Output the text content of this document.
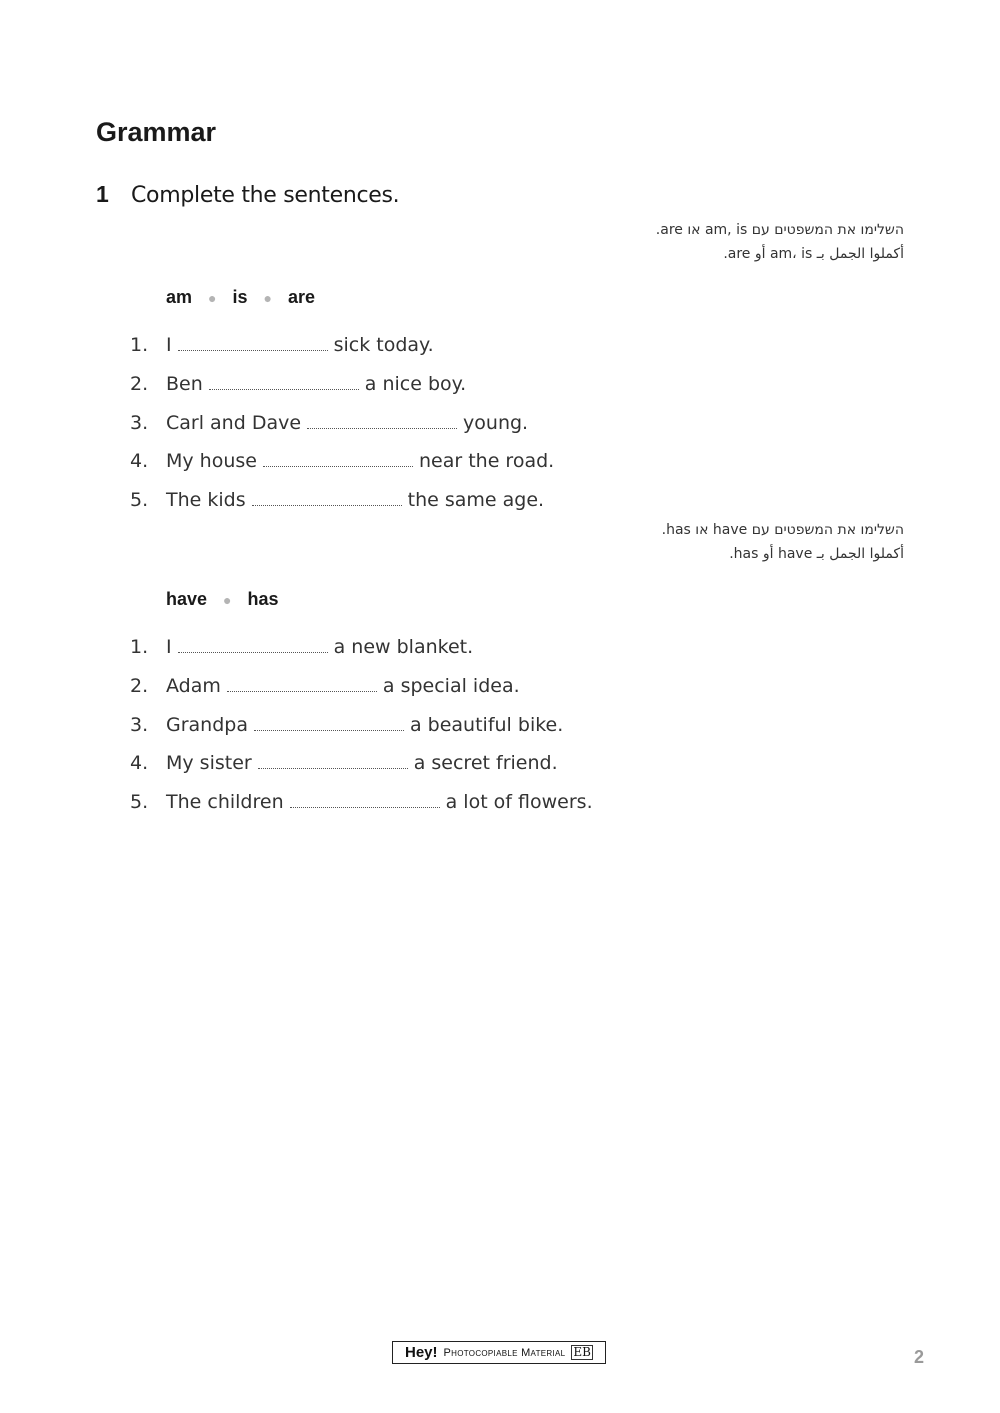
Grammar
1	Complete the sentences.
השלימו את המשפטים עם am, is או are.
أكملوا الجمل بـ am، is أو are.
am ● is ● are
1. I	sick today.
2. Ben	a nice boy.
3. Carl and Dave	young.
4. My house	near the road.
5. The kids	the same age.
השלימו את המשפטים עם have או has.
أكملوا الجمل بـ have أو has.
have ● has
1. I	a new blanket.
2. Adam	a special idea.
3. Grandpa	a beautiful bike.
4. My sister	a secret friend.
5. The children	a lot of flowers.
Hey! Photocopiable Material EB	2
